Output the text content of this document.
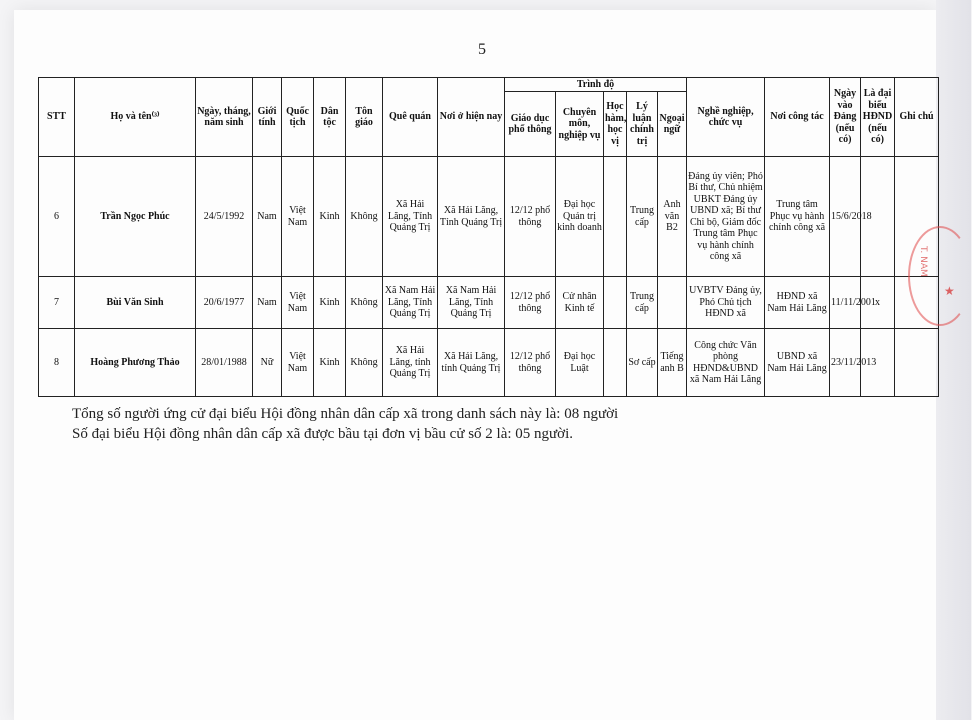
5
STT	Họ và tên⁽³⁾	Ngày, tháng, năm sinh	Giới tính	Quốc tịch	Dân tộc	Tôn giáo	Quê quán	Nơi ở hiện nay	Trình độ					Nghề nghiệp, chức vụ	Nơi công tác	Ngày vào Đảng (nếu có)	Là đại biểu HĐND (nếu có)	Ghi chú
									Giáo dục phổ thông	Chuyên môn, nghiệp vụ	Học hàm, học vị	Lý luận chính trị	Ngoại ngữ					
6	Trần Ngọc Phúc	24/5/1992	Nam	Việt Nam	Kinh	Không	Xã Hải Lăng, Tỉnh Quảng Trị	Xã Hải Lăng, Tỉnh Quảng Trị	12/12 phổ thông	Đại học Quản trị kinh doanh		Trung cấp	Anh văn B2	Đảng ủy viên; Phó Bí thư, Chủ nhiệm UBKT Đảng ủy UBND xã; Bí thư Chi bộ, Giám đốc Trung tâm Phục vụ hành chính công xã	Trung tâm Phục vụ hành chính công xã	15/6/2018		
7	Bùi Văn Sinh	20/6/1977	Nam	Việt Nam	Kinh	Không	Xã Nam Hải Lăng, Tỉnh Quảng Trị	Xã Nam Hải Lăng, Tỉnh Quảng Trị	12/12 phổ thông	Cử nhân Kinh tế		Trung cấp		UVBTV Đảng ủy, Phó Chủ tịch HĐND xã	HĐND xã Nam Hải Lăng	11/11/2001	x	
8	Hoàng Phương Thảo	28/01/1988	Nữ	Việt Nam	Kinh	Không	Xã Hải Lăng, tỉnh Quảng Trị	Xã Hải Lăng, tỉnh Quảng Trị	12/12 phổ thông	Đại học Luật		Sơ cấp	Tiếng anh B	Công chức Văn phòng HĐND&UBND xã Nam Hải Lăng	UBND xã Nam Hải Lăng	23/11/2013		

Tổng số người ứng cử đại biểu Hội đồng nhân dân cấp xã trong danh sách này là: 08 người

Số đại biểu Hội đồng nhân dân cấp xã được bầu tại đơn vị bầu cử số 2 là: 05 người.

T. NAM
★
